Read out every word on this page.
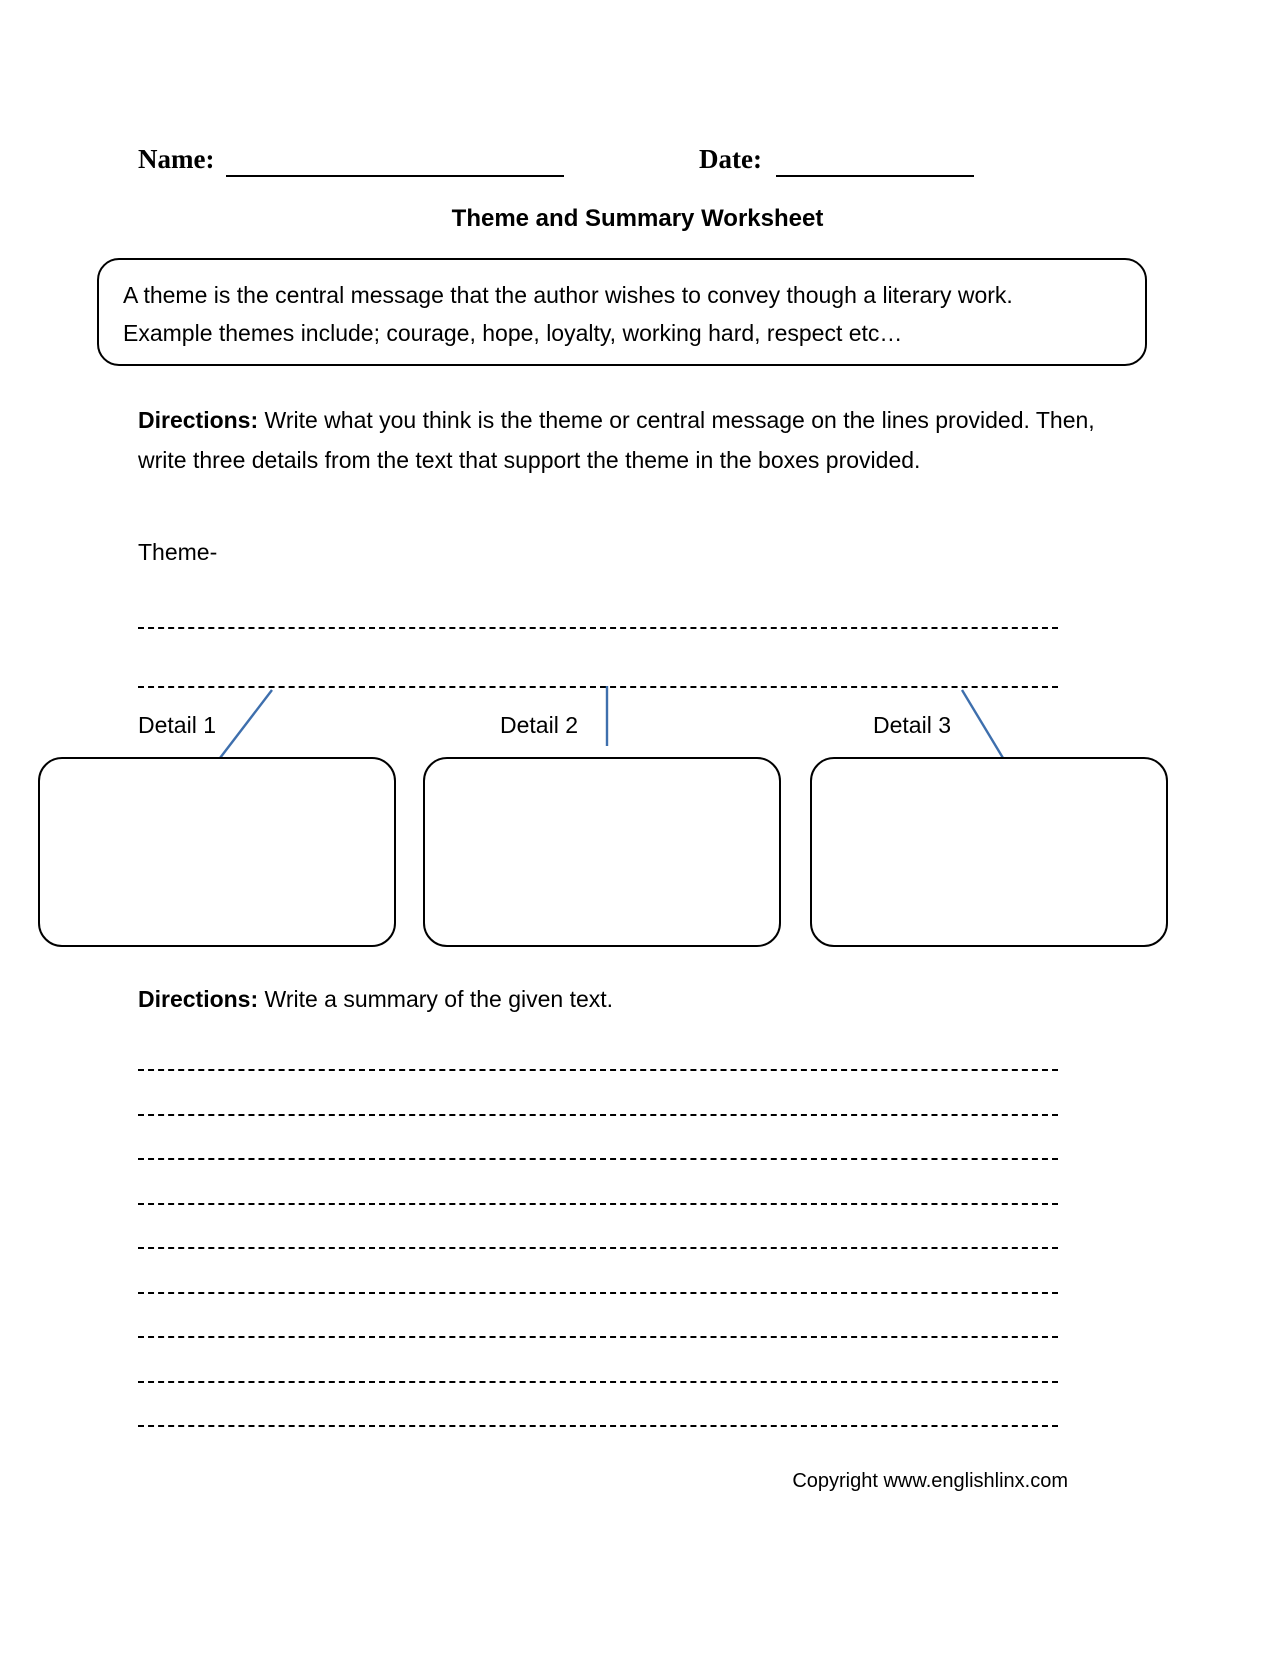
Name:	Date:
Theme and Summary Worksheet

A theme is the central message that the author wishes to convey though a literary work.

Example themes include; courage, hope, loyalty, working hard, respect etc…

Directions: Write what you think is the theme or central message on the lines provided. Then, write three details from the text that support the theme in the boxes provided.
Theme-
Detail 1	Detail 2	Detail 3
Directions: Write a summary of the given text.
Copyright www.englishlinx.com
